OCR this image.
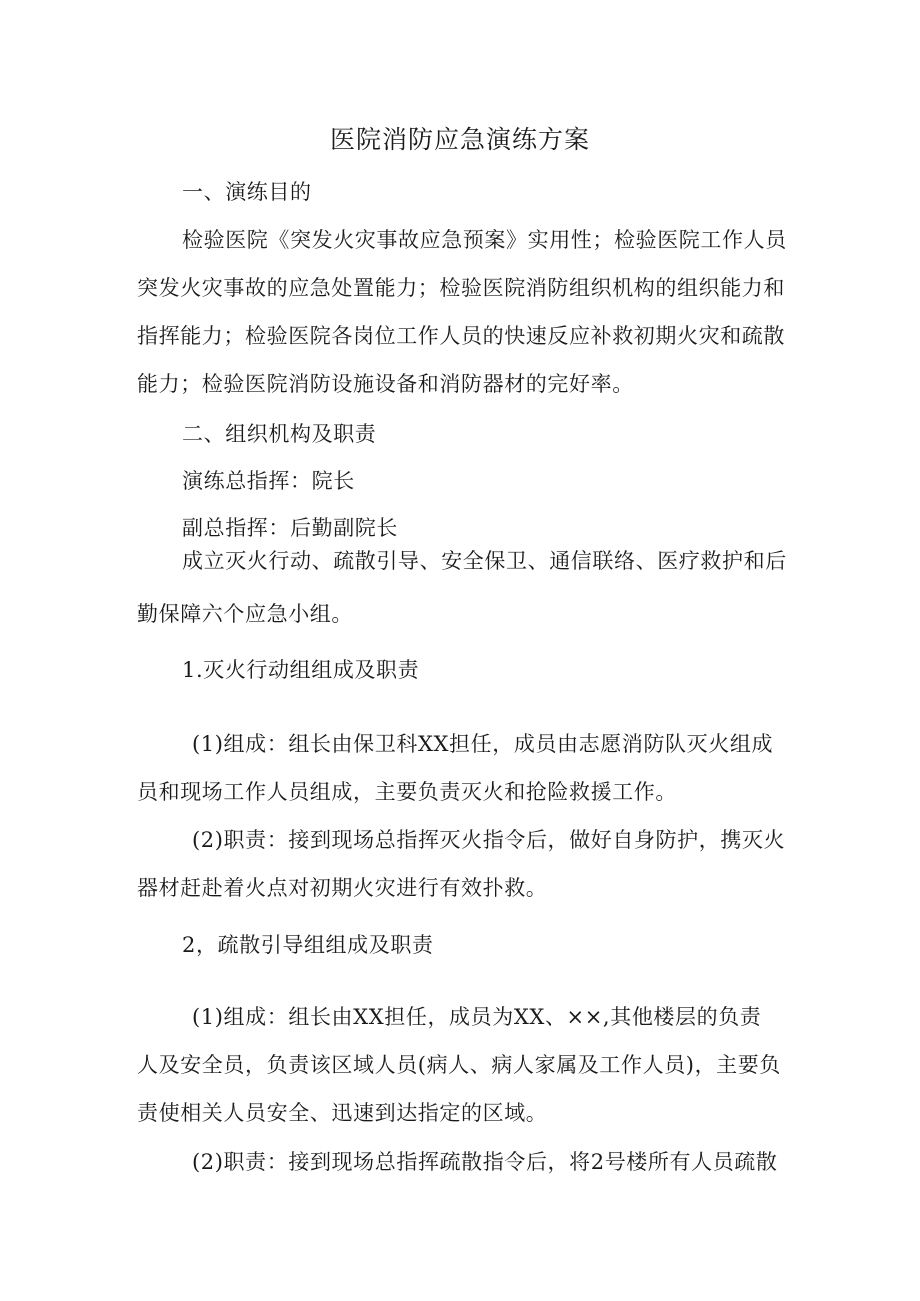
医院消防应急演练方案
一、演练目的
检验医院《突发火灾事故应急预案》实用性；检验医院工作人员
突发火灾事故的应急处置能力；检验医院消防组织机构的组织能力和
指挥能力；检验医院各岗位工作人员的快速反应补救初期火灾和疏散
能力；检验医院消防设施设备和消防器材的完好率。
二、组织机构及职责
演练总指挥：院长
副总指挥：后勤副院长
成立灭火行动、疏散引导、安全保卫、通信联络、医疗救护和后
勤保障六个应急小组。
1.灭火行动组组成及职责
(1)组成：组长由保卫科XX担任，成员由志愿消防队灭火组成
员和现场工作人员组成，主要负责灭火和抢险救援工作。
(2)职责：接到现场总指挥灭火指令后，做好自身防护，携灭火
器材赶赴着火点对初期火灾进行有效扑救。
2，疏散引导组组成及职责
(1)组成：组长由XX担任，成员为XX、××,其他楼层的负责
人及安全员，负责该区域人员(病人、病人家属及工作人员)，主要负
责使相关人员安全、迅速到达指定的区域。
(2)职责：接到现场总指挥疏散指令后，将2号楼所有人员疏散
